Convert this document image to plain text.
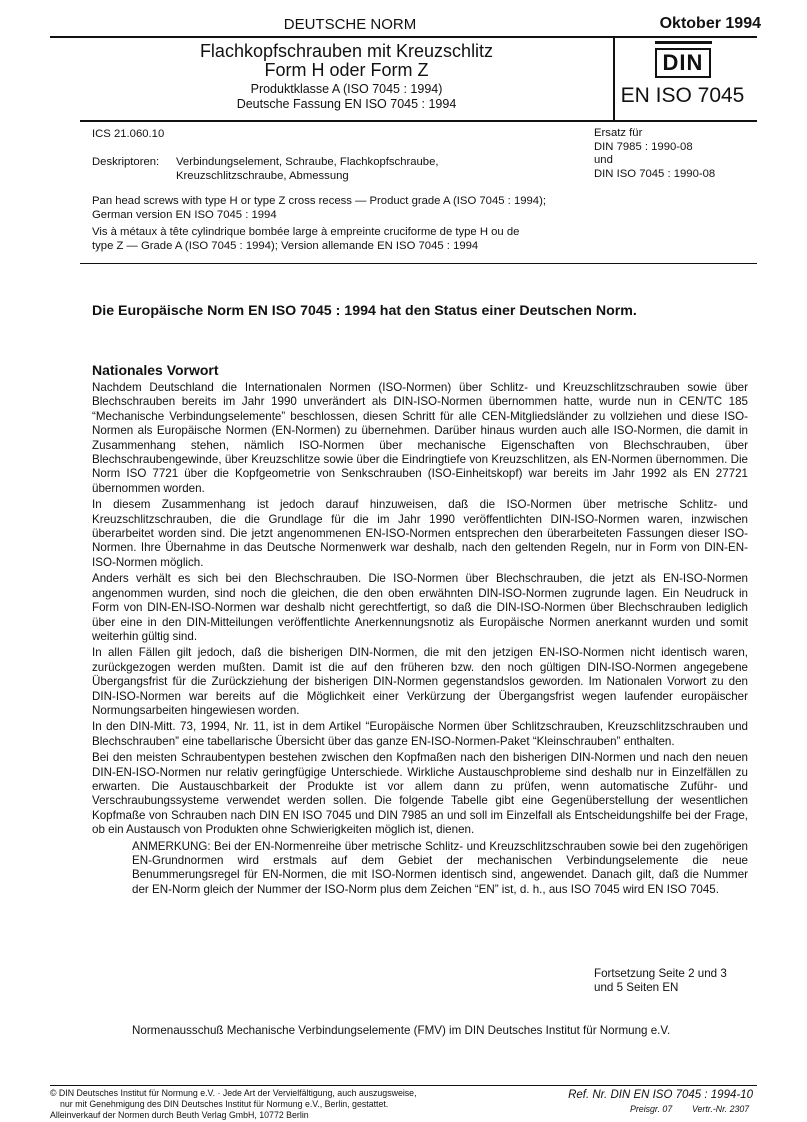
DEUTSCHE NORM	Oktober 1994
Flachkopfschrauben mit Kreuzschlitz
Form H oder Form Z
Produktklasse A (ISO 7045 : 1994)
Deutsche Fassung EN ISO 7045 : 1994
DIN
EN ISO 7045
ICS 21.060.10
Deskriptoren: Verbindungselement, Schraube, Flachkopfschraube,
Kreuzschlitzschraube, Abmessung
Ersatz für
DIN 7985 : 1990-08
und
DIN ISO 7045 : 1990-08
Pan head screws with type H or type Z cross recess — Product grade A (ISO 7045 : 1994);
German version EN ISO 7045 : 1994
Vis à métaux à tête cylindrique bombée large à empreinte cruciforme de type H ou de
type Z — Grade A (ISO 7045 : 1994); Version allemande EN ISO 7045 : 1994
Die Europäische Norm EN ISO 7045 : 1994 hat den Status einer Deutschen Norm.
Nationales Vorwort

Nachdem Deutschland die Internationalen Normen (ISO-Normen) über Schlitz- und Kreuzschlitzschrauben sowie über Blechschrauben bereits im Jahr 1990 unverändert als DIN-ISO-Normen übernommen hatte, wurde nun in CEN/TC 185 “Mechanische Verbindungselemente” beschlossen, diesen Schritt für alle CEN-Mitgliedsländer zu vollziehen und diese ISO-Normen als Europäische Normen (EN-Normen) zu übernehmen. Darüber hinaus wurden auch alle ISO-Normen, die damit in Zusammenhang stehen, nämlich ISO-Normen über mechanische Eigenschaften von Blechschrauben, über Blechschraubengewinde, über Kreuzschlitze sowie über die Eindringtiefe von Kreuzschlitzen, als EN-Normen übernommen. Die Norm ISO 7721 über die Kopfgeometrie von Senkschrauben (ISO-Einheitskopf) war bereits im Jahr 1992 als EN 27721 übernommen worden.

In diesem Zusammenhang ist jedoch darauf hinzuweisen, daß die ISO-Normen über metrische Schlitz- und Kreuzschlitzschrauben, die die Grundlage für die im Jahr 1990 veröffentlichten DIN-ISO-Normen waren, inzwischen überarbeitet worden sind. Die jetzt angenommenen EN-ISO-Normen entsprechen den überarbeiteten Fassungen dieser ISO-Normen. Ihre Übernahme in das Deutsche Normenwerk war deshalb, nach den geltenden Regeln, nur in Form von DIN-EN-ISO-Normen möglich.

Anders verhält es sich bei den Blechschrauben. Die ISO-Normen über Blechschrauben, die jetzt als EN-ISO-Normen angenommen wurden, sind noch die gleichen, die den oben erwähnten DIN-ISO-Normen zugrunde lagen. Ein Neudruck in Form von DIN-EN-ISO-Normen war deshalb nicht gerechtfertigt, so daß die DIN-ISO-Normen über Blechschrauben lediglich über eine in den DIN-Mitteilungen veröffentlichte Anerkennungsnotiz als Europäische Normen anerkannt wurden und somit weiterhin gültig sind.

In allen Fällen gilt jedoch, daß die bisherigen DIN-Normen, die mit den jetzigen EN-ISO-Normen nicht identisch waren, zurückgezogen werden mußten. Damit ist die auf den früheren bzw. den noch gültigen DIN-ISO-Normen angegebene Übergangsfrist für die Zurückziehung der bisherigen DIN-Normen gegenstandslos geworden. Im Nationalen Vorwort zu den DIN-ISO-Normen war bereits auf die Möglichkeit einer Verkürzung der Übergangsfrist wegen laufender europäischer Normungsarbeiten hingewiesen worden.

In den DIN-Mitt. 73, 1994, Nr. 11, ist in dem Artikel “Europäische Normen über Schlitzschrauben, Kreuzschlitzschrauben und Blechschrauben” eine tabellarische Übersicht über das ganze EN-ISO-Normen-Paket “Kleinschrauben” enthalten.

Bei den meisten Schraubentypen bestehen zwischen den Kopfmaßen nach den bisherigen DIN-Normen und nach den neuen DIN-EN-ISO-Normen nur relativ geringfügige Unterschiede. Wirkliche Austauschprobleme sind deshalb nur in Einzelfällen zu erwarten. Die Austauschbarkeit der Produkte ist vor allem dann zu prüfen, wenn automatische Zuführ- und Verschraubungssysteme verwendet werden sollen. Die folgende Tabelle gibt eine Gegenüberstellung der wesentlichen Kopfmaße von Schrauben nach DIN EN ISO 7045 und DIN 7985 an und soll im Einzelfall als Entscheidungshilfe bei der Frage, ob ein Austausch von Produkten ohne Schwierigkeiten möglich ist, dienen.

ANMERKUNG: Bei der EN-Normenreihe über metrische Schlitz- und Kreuzschlitzschrauben sowie bei den zugehörigen EN-Grundnormen wird erstmals auf dem Gebiet der mechanischen Verbindungselemente die neue Benummerungsregel für EN-Normen, die mit ISO-Normen identisch sind, angewendet. Danach gilt, daß die Nummer der EN-Norm gleich der Nummer der ISO-Norm plus dem Zeichen “EN” ist, d. h., aus ISO 7045 wird EN ISO 7045.

Fortsetzung Seite 2 und 3
und 5 Seiten EN
Normenausschuß Mechanische Verbindungselemente (FMV) im DIN Deutsches Institut für Normung e.V.
© DIN Deutsches Institut für Normung e.V. · Jede Art der Vervielfältigung, auch auszugsweise,
nur mit Genehmigung des DIN Deutsches Institut für Normung e.V., Berlin, gestattet.
Alleinverkauf der Normen durch Beuth Verlag GmbH, 10772 Berlin
Ref. Nr. DIN EN ISO 7045 : 1994-10
Preisgr. 07 Vertr.-Nr. 2307
